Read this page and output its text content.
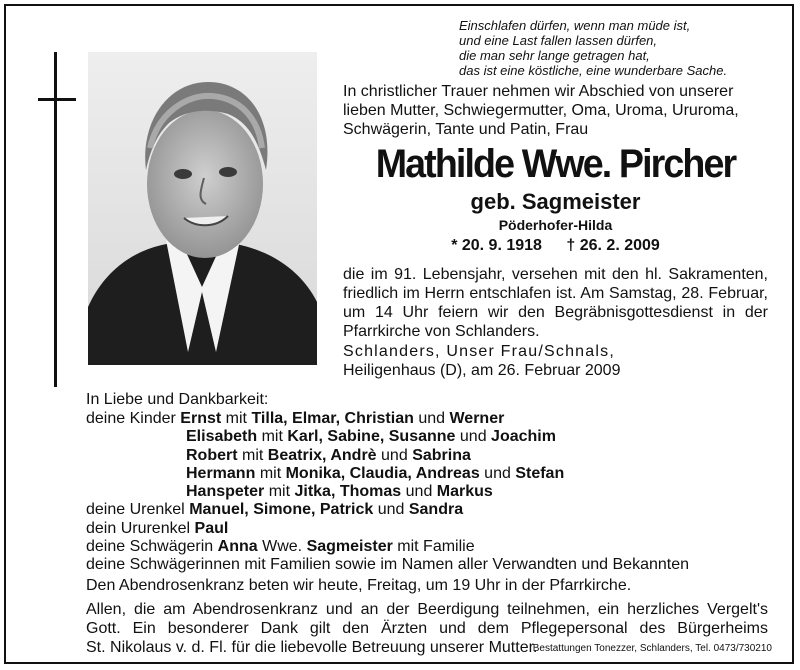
Einschlafen dürfen, wenn man müde ist,
und eine Last fallen lassen dürfen,
die man sehr lange getragen hat,
das ist eine köstliche, eine wunderbare Sache.
In christlicher Trauer nehmen wir Abschied von unserer
lieben Mutter, Schwiegermutter, Oma, Uroma, Ururoma,
Schwägerin, Tante und Patin, Frau
Mathilde Wwe. Pircher
geb. Sagmeister
Pöderhofer-Hilda
* 20. 9. 1918 † 26. 2. 2009
die im 91. Lebensjahr, versehen mit den hl. Sakramenten, friedlich im Herrn entschlafen ist. Am Samstag, 28. Februar, um 14 Uhr feiern wir den Begräbnisgottesdienst in der Pfarrkirche von Schlanders.
Schlanders, Unser Frau/Schnals,
Heiligenhaus (D), am 26. Februar 2009
In Liebe und Dankbarkeit:
deine Kinder Ernst mit Tilla, Elmar, Christian und Werner
Elisabeth mit Karl, Sabine, Susanne und Joachim
Robert mit Beatrix, Andrè und Sabrina
Hermann mit Monika, Claudia, Andreas und Stefan
Hanspeter mit Jitka, Thomas und Markus
deine Urenkel Manuel, Simone, Patrick und Sandra
dein Ururenkel Paul
deine Schwägerin Anna Wwe. Sagmeister mit Familie
deine Schwägerinnen mit Familien sowie im Namen aller Verwandten und Bekannten
Den Abendrosenkranz beten wir heute, Freitag, um 19 Uhr in der Pfarrkirche.
Allen, die am Abendrosenkranz und an der Beerdigung teilnehmen, ein herzliches Vergelt's
Gott. Ein besonderer Dank gilt den Ärzten und dem Pflegepersonal des Bürgerheims
St. Nikolaus v. d. Fl. für die liebevolle Betreuung unserer Mutter.
Bestattungen Tonezzer, Schlanders, Tel. 0473/730210
